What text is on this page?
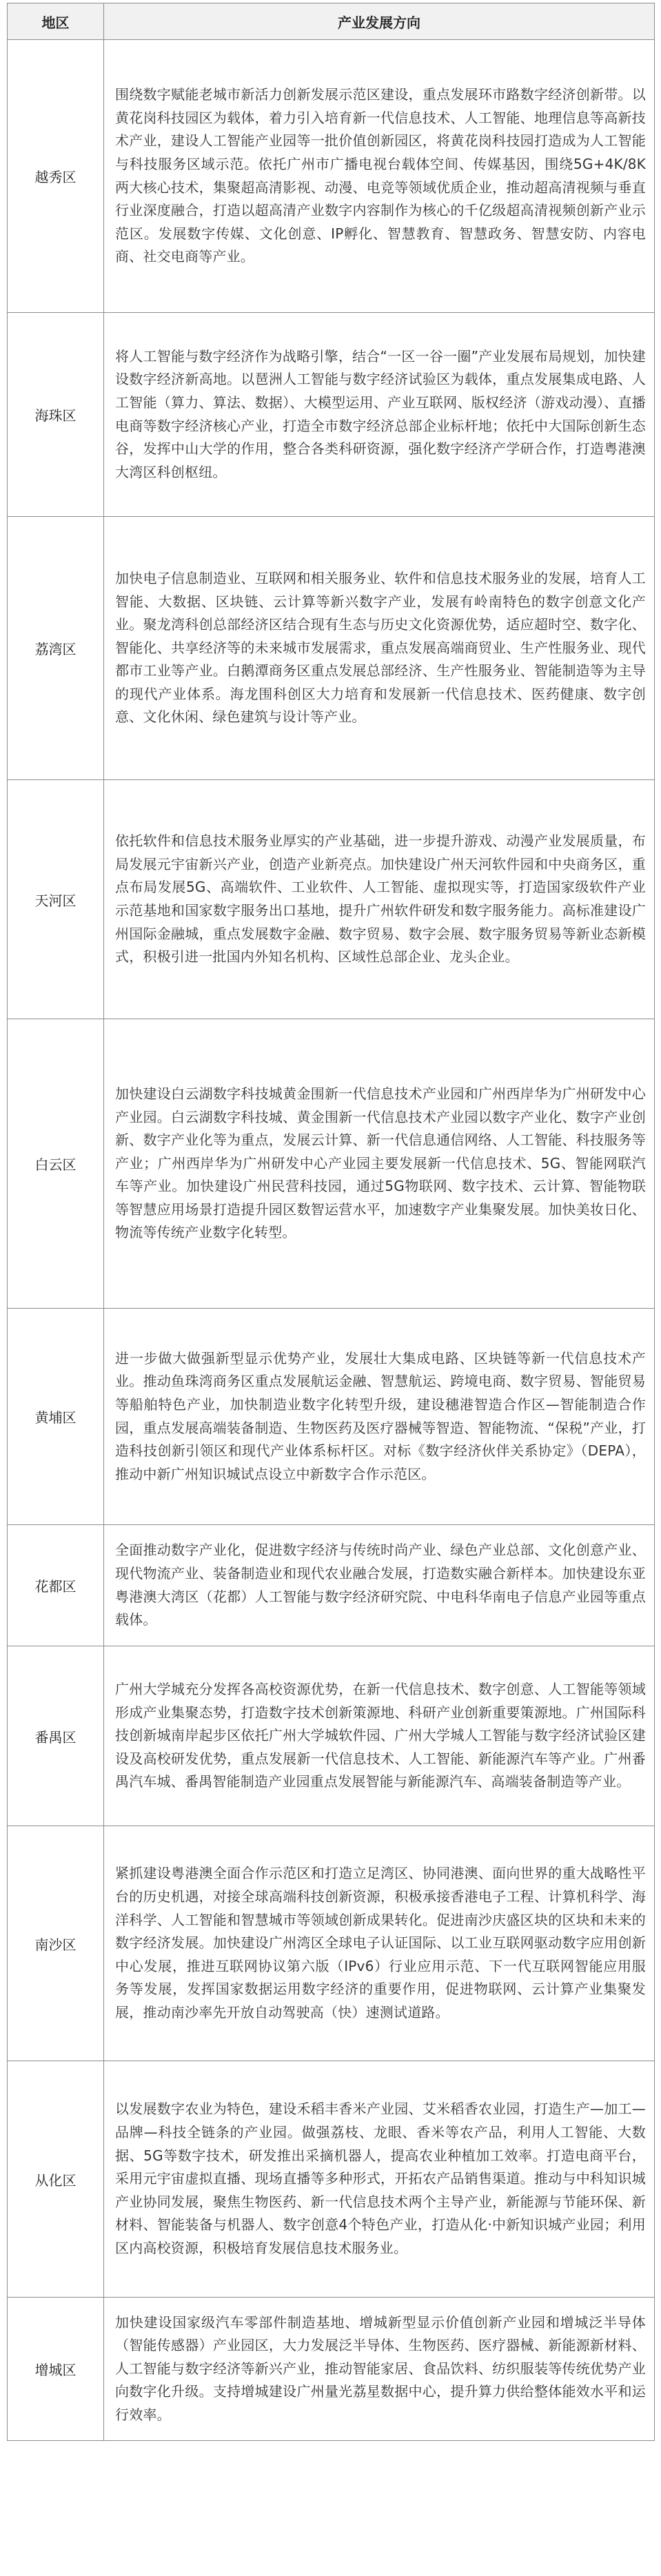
地区	产业发展方向
越秀区	围绕数字赋能老城市新活力创新发展示范区建设，重点发展环市路数字经济创新带。以黄花岗科技园区为载体，着力引入培育新一代信息技术、人工智能、地理信息等高新技术产业，建设人工智能产业园等一批价值创新园区，将黄花岗科技园打造成为人工智能与科技服务区域示范。依托广州市广播电视台载体空间、传媒基因，围绕5G+4K/8K两大核心技术，集聚超高清影视、动漫、电竞等领域优质企业，推动超高清视频与垂直行业深度融合，打造以超高清产业数字内容制作为核心的千亿级超高清视频创新产业示范区。发展数字传媒、文化创意、IP孵化、智慧教育、智慧政务、智慧安防、内容电商、社交电商等产业。
海珠区	将人工智能与数字经济作为战略引擎，结合“一区一谷一圈”产业发展布局规划，加快建设数字经济新高地。以琶洲人工智能与数字经济试验区为载体，重点发展集成电路、人工智能（算力、算法、数据）、大模型运用、产业互联网、版权经济（游戏动漫）、直播电商等数字经济核心产业，打造全市数字经济总部企业标杆地；依托中大国际创新生态谷，发挥中山大学的作用，整合各类科研资源，强化数字经济产学研合作，打造粤港澳大湾区科创枢纽。
荔湾区	加快电子信息制造业、互联网和相关服务业、软件和信息技术服务业的发展，培育人工智能、大数据、区块链、云计算等新兴数字产业，发展有岭南特色的数字创意文化产业。聚龙湾科创总部经济区结合现有生态与历史文化资源优势，适应超时空、数字化、智能化、共享经济等的未来城市发展需求，重点发展高端商贸业、生产性服务业、现代都市工业等产业。白鹅潭商务区重点发展总部经济、生产性服务业、智能制造等为主导的现代产业体系。海龙围科创区大力培育和发展新一代信息技术、医药健康、数字创意、文化休闲、绿色建筑与设计等产业。
天河区	依托软件和信息技术服务业厚实的产业基础，进一步提升游戏、动漫产业发展质量，布局发展元宇宙新兴产业，创造产业新亮点。加快建设广州天河软件园和中央商务区，重点布局发展5G、高端软件、工业软件、人工智能、虚拟现实等，打造国家级软件产业示范基地和国家数字服务出口基地，提升广州软件研发和数字服务能力。高标准建设广州国际金融城，重点发展数字金融、数字贸易、数字会展、数字服务贸易等新业态新模式，积极引进一批国内外知名机构、区域性总部企业、龙头企业。
白云区	加快建设白云湖数字科技城黄金围新一代信息技术产业园和广州西岸华为广州研发中心产业园。白云湖数字科技城、黄金围新一代信息技术产业园以数字产业化、数字产业创新、数字产业化等为重点，发展云计算、新一代信息通信网络、人工智能、科技服务等产业；广州西岸华为广州研发中心产业园主要发展新一代信息技术、5G、智能网联汽车等产业。加快建设广州民营科技园，通过5G物联网、数字技术、云计算、智能物联等智慧应用场景打造提升园区数智运营水平，加速数字产业集聚发展。加快美妆日化、物流等传统产业数字化转型。
黄埔区	进一步做大做强新型显示优势产业，发展壮大集成电路、区块链等新一代信息技术产业。推动鱼珠湾商务区重点发展航运金融、智慧航运、跨境电商、数字贸易、智能贸易等船舶特色产业，加快制造业数字化转型升级，建设穗港智造合作区—智能制造合作园，重点发展高端装备制造、生物医药及医疗器械等智造、智能物流、“保税”产业，打造科技创新引领区和现代产业体系标杆区。对标《数字经济伙伴关系协定》（DEPA），推动中新广州知识城试点设立中新数字合作示范区。
花都区	全面推动数字产业化，促进数字经济与传统时尚产业、绿色产业总部、文化创意产业、现代物流产业、装备制造业和现代农业融合发展，打造数实融合新样本。加快建设东亚粤港澳大湾区（花都）人工智能与数字经济研究院、中电科华南电子信息产业园等重点载体。
番禺区	广州大学城充分发挥各高校资源优势，在新一代信息技术、数字创意、人工智能等领域形成产业集聚态势，打造数字技术创新策源地、科研产业创新重要策源地。广州国际科技创新城南岸起步区依托广州大学城软件园、广州大学城人工智能与数字经济试验区建设及高校研发优势，重点发展新一代信息技术、人工智能、新能源汽车等产业。广州番禺汽车城、番禺智能制造产业园重点发展智能与新能源汽车、高端装备制造等产业。
南沙区	紧抓建设粤港澳全面合作示范区和打造立足湾区、协同港澳、面向世界的重大战略性平台的历史机遇，对接全球高端科技创新资源，积极承接香港电子工程、计算机科学、海洋科学、人工智能和智慧城市等领域创新成果转化。促进南沙庆盛区块的区块和未来的数字经济发展。加快建设广州湾区全球电子认证国际、以工业互联网驱动数字应用创新中心发展，推进互联网协议第六版（IPv6）行业应用示范、下一代互联网智能应用服务等发展，发挥国家数据运用数字经济的重要作用，促进物联网、云计算产业集聚发展，推动南沙率先开放自动驾驶高（快）速测试道路。
从化区	以发展数字农业为特色，建设禾稻丰香米产业园、艾米稻香农业园，打造生产—加工—品牌—科技全链条的产业园。做强荔枝、龙眼、香米等农产品，利用人工智能、大数据、5G等数字技术，研发推出采摘机器人，提高农业种植加工效率。打造电商平台，采用元宇宙虚拟直播、现场直播等多种形式，开拓农产品销售渠道。推动与中科知识城产业协同发展，聚焦生物医药、新一代信息技术两个主导产业，新能源与节能环保、新材料、智能装备与机器人、数字创意4个特色产业，打造从化·中新知识城产业园；利用区内高校资源，积极培育发展信息技术服务业。
增城区	加快建设国家级汽车零部件制造基地、增城新型显示价值创新产业园和增城泛半导体（智能传感器）产业园区，大力发展泛半导体、生物医药、医疗器械、新能源新材料、人工智能与数字经济等新兴产业，推动智能家居、食品饮料、纺织服装等传统优势产业向数字化升级。支持增城建设广州量光荔星数据中心，提升算力供给整体能效水平和运行效率。
